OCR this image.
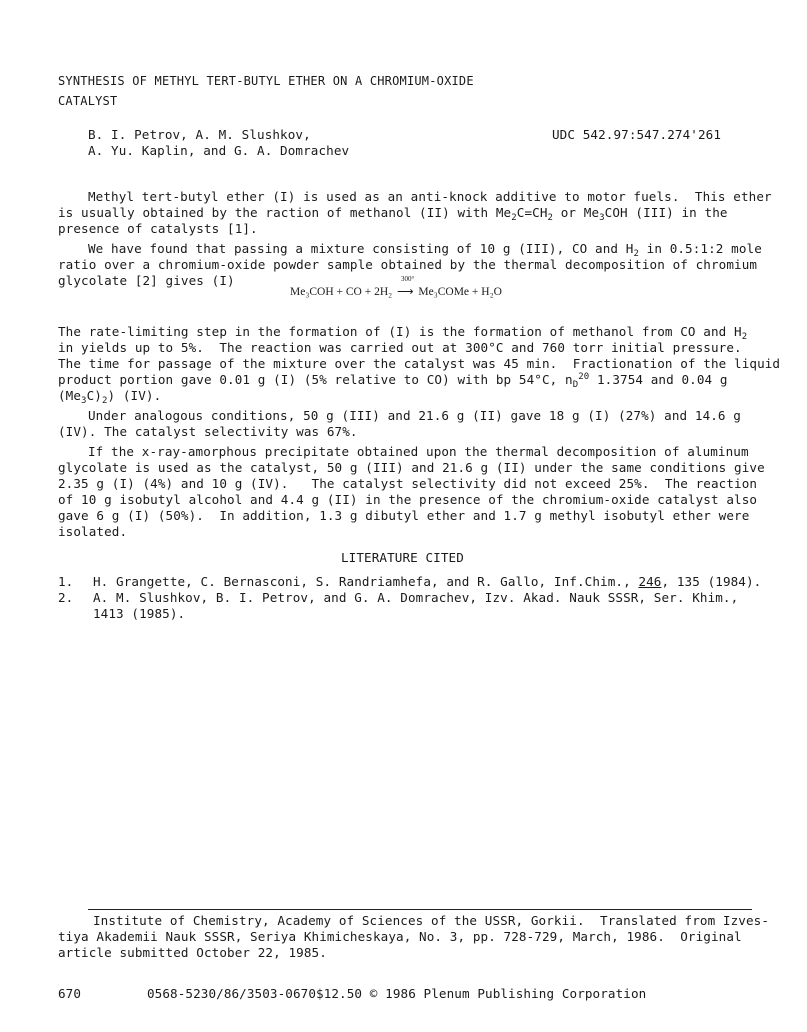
SYNTHESIS OF METHYL TERT-BUTYL ETHER ON A CHROMIUM-OXIDE
CATALYST
B. I. Petrov, A. M. Slushkov,
A. Yu. Kaplin, and G. A. Domrachev
UDC 542.97:547.274'261
Methyl tert-butyl ether (I) is used as an anti-knock additive to motor fuels.  This ether
is usually obtained by the raction of methanol (II) with $Me_2C=CH_2$ or $Me_3COH$ (III) in the
presence of catalysts [1].
We have found that passing a mixture consisting of 10 g (III), CO and $H_2$ in 0.5:1:2 mole
ratio over a chromium-oxide powder sample obtained by the thermal decomposition of chromium
glycolate [2] gives (I)
Me₃COH + CO + 2H₂
300°
⟶ Me₃COMe + H₂O
The rate-limiting step in the formation of (I) is the formation of methanol from CO and $H_2$
in yields up to 5%.  The reaction was carried out at 300°C and 760 torr initial pressure.
The time for passage of the mixture over the catalyst was 45 min.  Fractionation of the liquid
product portion gave 0.01 g (I) (5% relative to CO) with bp 54°C, $n_D^{20}$ 1.3754 and 0.04 g
$(Me_3C)_2$) (IV).
Under analogous conditions, 50 g (III) and 21.6 g (II) gave 18 g (I) (27%) and 14.6 g
(IV). The catalyst selectivity was 67%.
If the x-ray-amorphous precipitate obtained upon the thermal decomposition of aluminum
glycolate is used as the catalyst, 50 g (III) and 21.6 g (II) under the same conditions give
2.35 g (I) (4%) and 10 g (IV).   The catalyst selectivity did not exceed 25%.  The reaction
of 10 g isobutyl alcohol and 4.4 g (II) in the presence of the chromium-oxide catalyst also
gave 6 g (I) (50%).  In addition, 1.3 g dibutyl ether and 1.7 g methyl isobutyl ether were
isolated.
LITERATURE CITED
1. H. Grangette, C. Bernasconi, S. Randriamhefa, and R. Gallo, Inf.Chim., 246, 135 (1984).
2. A. M. Slushkov, B. I. Petrov, and G. A. Domrachev, Izv. Akad. Nauk SSSR, Ser. Khim.,
1413 (1985).
Institute of Chemistry, Academy of Sciences of the USSR, Gorkii.  Translated from Izves-
tiya Akademii Nauk SSSR, Seriya Khimicheskaya, No. 3, pp. 728-729, March, 1986.  Original
article submitted October 22, 1985.
670	0568-5230/86/3503-0670$12.50 © 1986 Plenum Publishing Corporation
